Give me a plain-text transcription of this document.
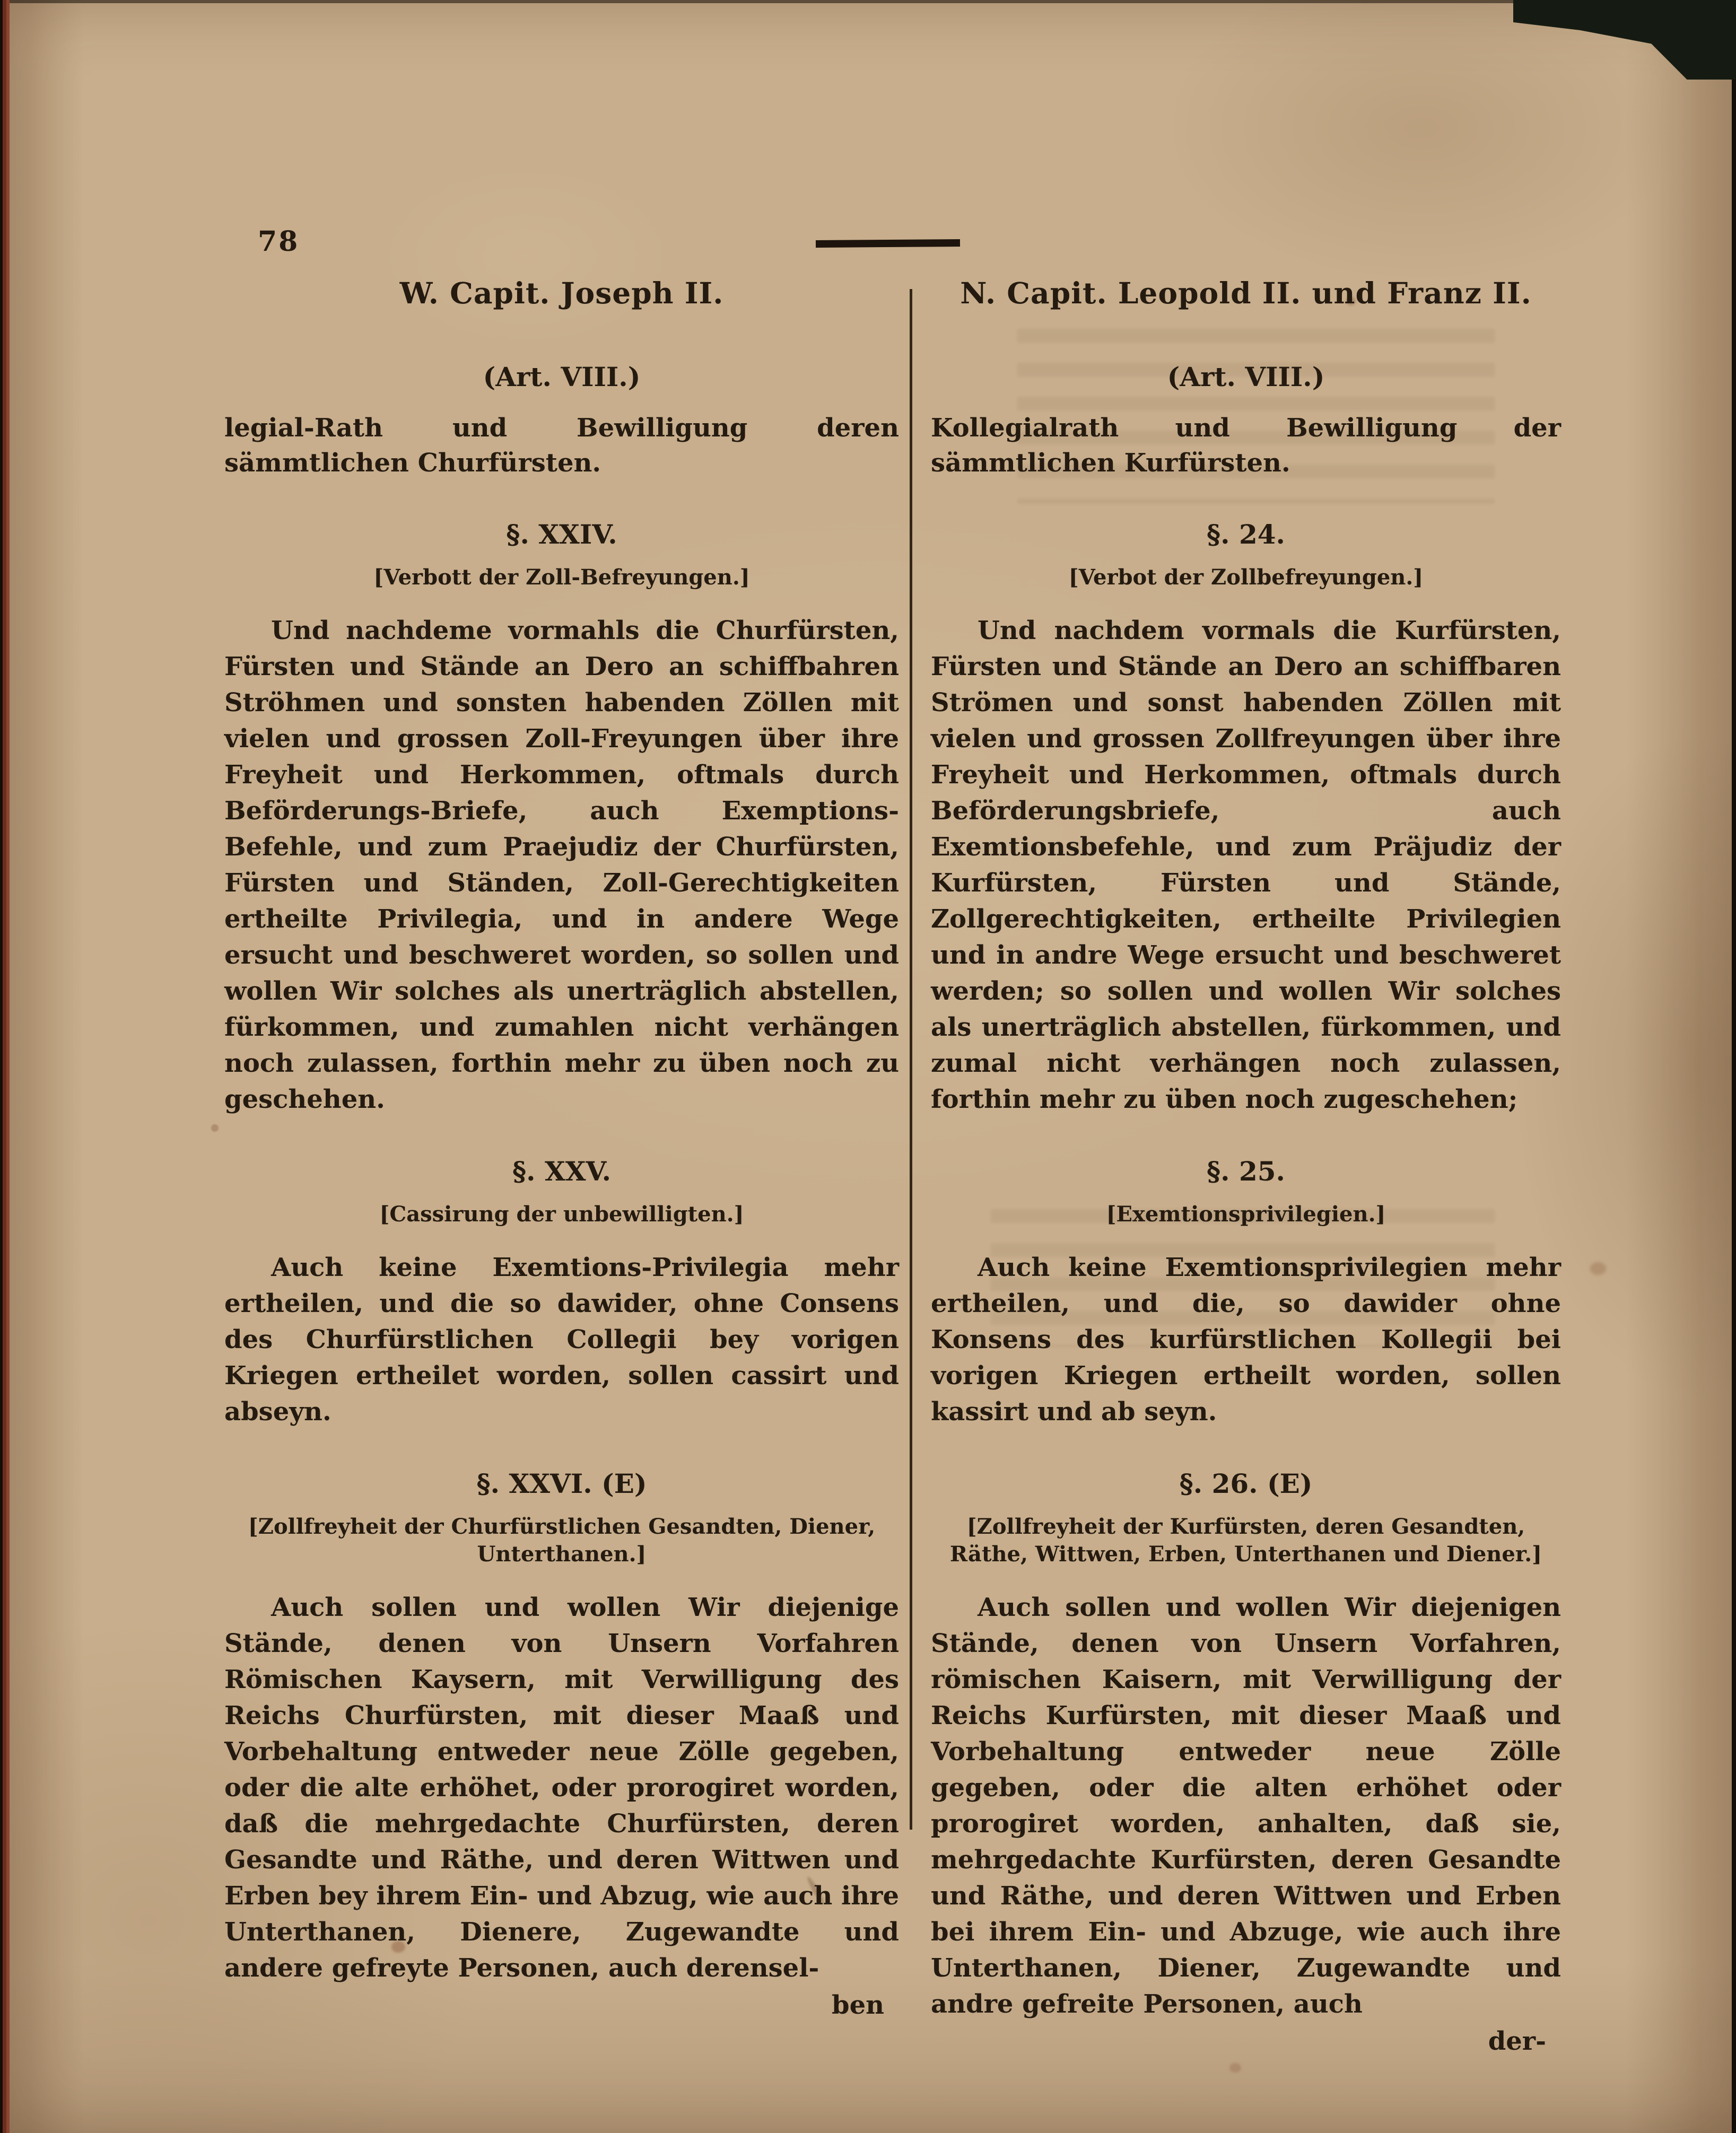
78
W. Capit. Joseph II.
(Art. VIII.)
legial-Rath und Bewilligung deren sämmtlichen Churfürsten.
§. XXIV.
[Verbott der Zoll-Befreyungen.]
Und nachdeme vormahls die Churfürsten, Fürsten und Stände an Dero an schiffbahren Ströhmen und sonsten habenden Zöllen mit vielen und grossen Zoll-Freyungen über ihre Freyheit und Herkommen, oftmals durch Beförderungs-Briefe, auch Exemptions-Befehle, und zum Praejudiz der Churfürsten, Fürsten und Ständen, Zoll-Gerechtigkeiten ertheilte Privilegia, und in andere Wege ersucht und beschweret worden, so sollen und wollen Wir solches als unerträglich abstellen, fürkommen, und zumahlen nicht verhängen noch zulassen, forthin mehr zu üben noch zu geschehen.
§. XXV.
[Cassirung der unbewilligten.]
Auch keine Exemtions-Privilegia mehr ertheilen, und die so dawider, ohne Consens des Churfürstlichen Collegii bey vorigen Kriegen ertheilet worden, sollen cassirt und abseyn.
§. XXVI. (E)
[Zollfreyheit der Churfürstlichen Gesandten, Diener, Unterthanen.]
Auch sollen und wollen Wir diejenige Stände, denen von Unsern Vorfahren Römischen Kaysern, mit Verwilligung des Reichs Churfürsten, mit dieser Maaß und Vorbehaltung entweder neue Zölle gegeben, oder die alte erhöhet, oder prorogiret worden, daß die mehrgedachte Churfürsten, deren Gesandte und Räthe, und deren Wittwen und Erben bey ihrem Ein- und Abzug, wie auch ihre Unterthanen, Dienere, Zugewandte und andere gefreyte Personen, auch derensel-
ben
N. Capit. Leopold II. und Franz II.
(Art. VIII.)
Kollegialrath und Bewilligung der sämmtlichen Kurfürsten.
§. 24.
[Verbot der Zollbefreyungen.]
Und nachdem vormals die Kurfürsten, Fürsten und Stände an Dero an schiffbaren Strömen und sonst habenden Zöllen mit vielen und grossen Zollfreyungen über ihre Freyheit und Herkommen, oftmals durch Beförderungsbriefe, auch Exemtionsbefehle, und zum Präjudiz der Kurfürsten, Fürsten und Stände, Zollgerechtigkeiten, ertheilte Privilegien und in andre Wege ersucht und beschweret werden; so sollen und wollen Wir solches als unerträglich abstellen, fürkommen, und zumal nicht verhängen noch zulassen, forthin mehr zu üben noch zugeschehen;
§. 25.
[Exemtionsprivilegien.]
Auch keine Exemtionsprivilegien mehr ertheilen, und die, so dawider ohne Konsens des kurfürstlichen Kollegii bei vorigen Kriegen ertheilt worden, sollen kassirt und ab seyn.
§. 26. (E)
[Zollfreyheit der Kurfürsten, deren Gesandten, Räthe, Wittwen, Erben, Unterthanen und Diener.]
Auch sollen und wollen Wir diejenigen Stände, denen von Unsern Vorfahren, römischen Kaisern, mit Verwilligung der Reichs Kurfürsten, mit dieser Maaß und Vorbehaltung entweder neue Zölle gegeben, oder die alten erhöhet oder prorogiret worden, anhalten, daß sie, mehrgedachte Kurfürsten, deren Gesandte und Räthe, und deren Wittwen und Erben bei ihrem Ein- und Abzuge, wie auch ihre Unterthanen, Diener, Zugewandte und andre gefreite Personen, auch
der-
